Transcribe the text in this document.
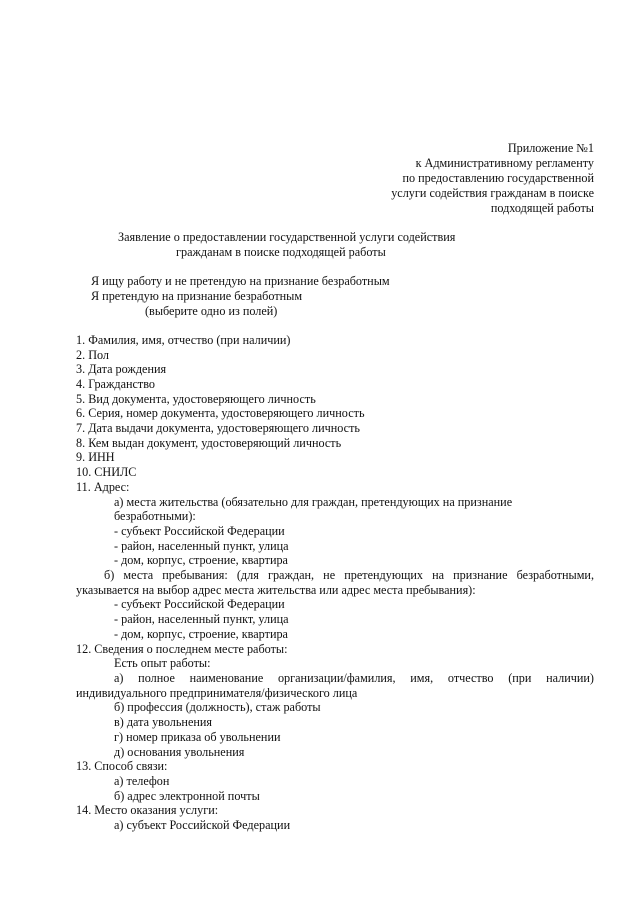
Приложение №1
к Административному регламенту
по предоставлению государственной
услуги содействия гражданам в поиске
подходящей работы
Заявление о предоставлении государственной услуги содействия
гражданам в поиске подходящей работы
Я ищу работу и не претендую на признание безработным
Я претендую на признание безработным
(выберите одно из полей)
1. Фамилия, имя, отчество (при наличии)
2. Пол
3. Дата рождения
4. Гражданство
5. Вид документа, удостоверяющего личность
6. Серия, номер документа, удостоверяющего личность
7. Дата выдачи документа, удостоверяющего личность
8. Кем выдан документ, удостоверяющий личность
9. ИНН
10. СНИЛС
11. Адрес:
а) места жительства (обязательно для граждан, претендующих на признание
безработными):
- субъект Российской Федерации
- район, населенный пункт, улица
- дом, корпус, строение, квартира
б) места пребывания: (для граждан, не претендующих на признание безработными,
указывается на выбор адрес места жительства или адрес места пребывания):
- субъект Российской Федерации
- район, населенный пункт, улица
- дом, корпус, строение, квартира
12. Сведения о последнем месте работы:
Есть опыт работы:
а) полное наименование организации/фамилия, имя, отчество (при наличии)
индивидуального предпринимателя/физического лица
б) профессия (должность), стаж работы
в) дата увольнения
г) номер приказа об увольнении
д) основания увольнения
13. Способ связи:
а) телефон
б) адрес электронной почты
14. Место оказания услуги:
а) субъект Российской Федерации
